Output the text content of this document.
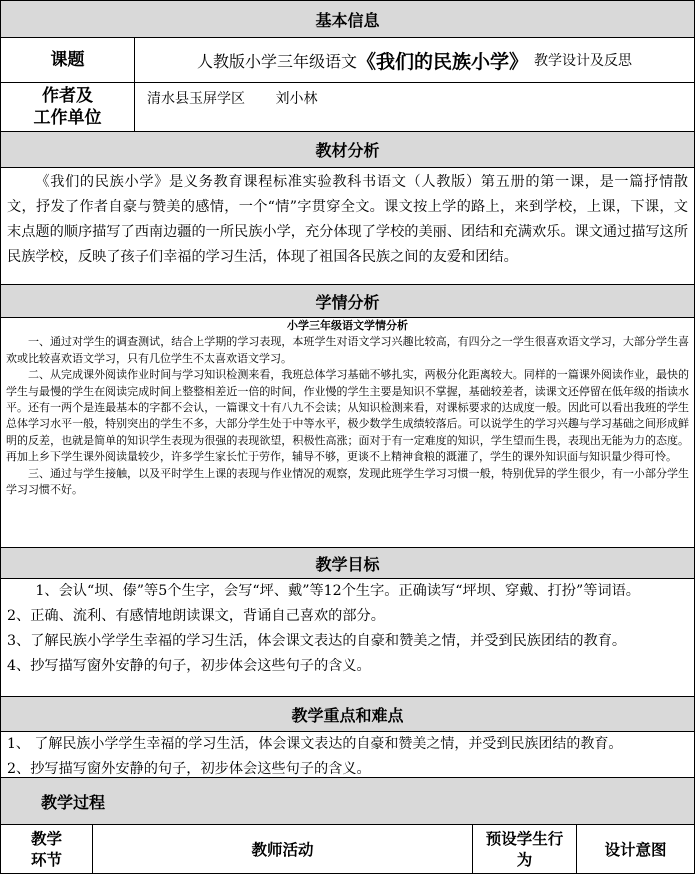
基本信息
课题	人教版小学三年级语文 《我们的民族小学》 教学设计及反思
作者及
工作单位
清水县玉屏学区 刘小林
教材分析

《我们的民族小学》是义务教育课程标准实验教科书语文（人教版）第五册的第一课，是一篇抒情散文，抒发了作者自豪与赞美的感情，一个“情”字贯穿全文。课文按上学的路上，来到学校，上课，下课，文末点题的顺序描写了西南边疆的一所民族小学，充分体现了学校的美丽、团结和充满欢乐。课文通过描写这所民族学校，反映了孩子们幸福的学习生活，体现了祖国各民族之间的友爱和团结。

学情分析

小学三年级语文学情分析

一、通过对学生的调查测试，结合上学期的学习表现，本班学生对语文学习兴趣比较高，有四分之一学生很喜欢语文学习，大部分学生喜欢或比较喜欢语文学习，只有几位学生不太喜欢语文学习。

二、从完成课外阅读作业时间与学习知识检测来看，我班总体学习基础不够扎实，两极分化距离较大。同样的一篇课外阅读作业，最快的学生与最慢的学生在阅读完成时间上整整相差近一倍的时间，作业慢的学生主要是知识不掌握，基础较差者，读课文还停留在低年级的指读水平。还有一两个是连最基本的字都不会认，一篇课文十有八九不会读；从知识检测来看，对课标要求的达成度一般。因此可以看出我班的学生总体学习水平一般，特别突出的学生不多，大部分学生处于中等水平，极少数学生成绩较落后。可以说学生的学习兴趣与学习基础之间形成鲜明的反差，也就是简单的知识学生表现为很强的表现欲望，积极性高涨；面对于有一定难度的知识，学生望而生畏，表现出无能为力的态度。再加上乡下学生课外阅读量较少，许多学生家长忙于劳作，辅导不够，更谈不上精神食粮的溉灌了，学生的课外知识面与知识量少得可怜。

三、通过与学生接触，以及平时学生上课的表现与作业情况的观察，发现此班学生学习习惯一般，特别优异的学生很少，有一小部分学生学习习惯不好。

教学目标

1、会认“坝、傣”等5个生字，会写“坪、戴”等12个生字。正确读写“坪坝、穿戴、打扮”等词语。

2、正确、流利、有感情地朗读课文，背诵自己喜欢的部分。

3、了解民族小学学生幸福的学习生活，体会课文表达的自豪和赞美之情，并受到民族团结的教育。

4、抄写描写窗外安静的句子，初步体会这些句子的含义。

教学重点和难点

1、 了解民族小学学生幸福的学习生活，体会课文表达的自豪和赞美之情，并受到民族团结的教育。

2、抄写描写窗外安静的句子，初步体会这些句子的含义。

教学过程
教学环节
教师活动
预设学生行为
设计意图
